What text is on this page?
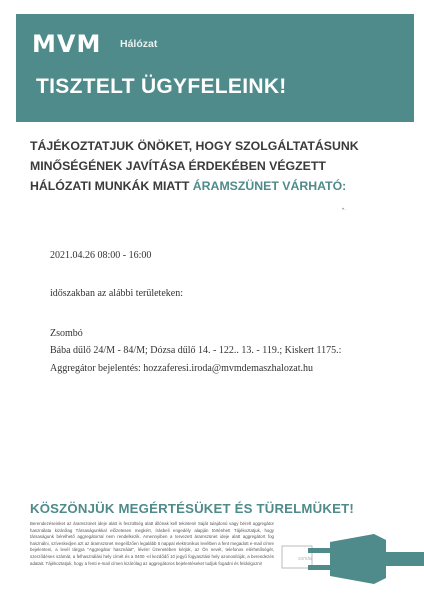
MVM Hálózat
TISZTELT ÜGYFELEINK!
TÁJÉKOZTATJUK ÖNÖKET, HOGY SZOLGÁLTATÁSUNK
MINŐSÉGÉNEK JAVÍTÁSA ÉRDEKÉBEN VÉGZETT
HÁLÓZATI MUNKÁK MIATT ÁRAMSZÜNET VÁRHATÓ:
•·
2021.04.26 08:00 - 16:00
időszakban az alábbi területeken:
Zsombó
Bába dűlő 24/M - 84/M; Dózsa dűlő 14. - 122.. 13. - 119.; Kiskert 1175.:
Aggregátor bejelentés: hozzaferesi.iroda@mvmdemaszhalozat.hu
KÖSZÖNJÜK MEGÉRTÉSÜKET ÉS TÜRELMÜKET!
Berendezéseinket az áramszünet ideje alatt is feszültség alatt állónak kell tekinteni! Saját tulajdonú vagy bérelt aggregátor használata kizárólag Társaságunkkal előzetesen megkért, írásbeli engedély alapján történhet! Tájékoztatjuk, hogy társaságunk bérelhető aggregátorral nem rendelkezik. Amennyiben a tervezett áramszünet ideje alatt aggregátort fog használni, szíveskedjen azt az áramszünet megelőzően legalább 5 nappal elektronikus levélben a fent megadott e-mail címre bejelenteni, a levél tárgya "Aggregátor használat", lévén! Üzenetében kérjük, az Ön nevét, telefonos elérhetőségét, szerződéses számát, a felhasználási hely címét és a 0400 -el kezdődő 10 jegyű fogyasztási hely azonosítóját, a berendezés adatait. Tájékoztatjuk, hogy a fenti e-mail címen kizárólag az aggregátoros bejelentéseket tudjuk fogadni és feldolgozni!
sonda
